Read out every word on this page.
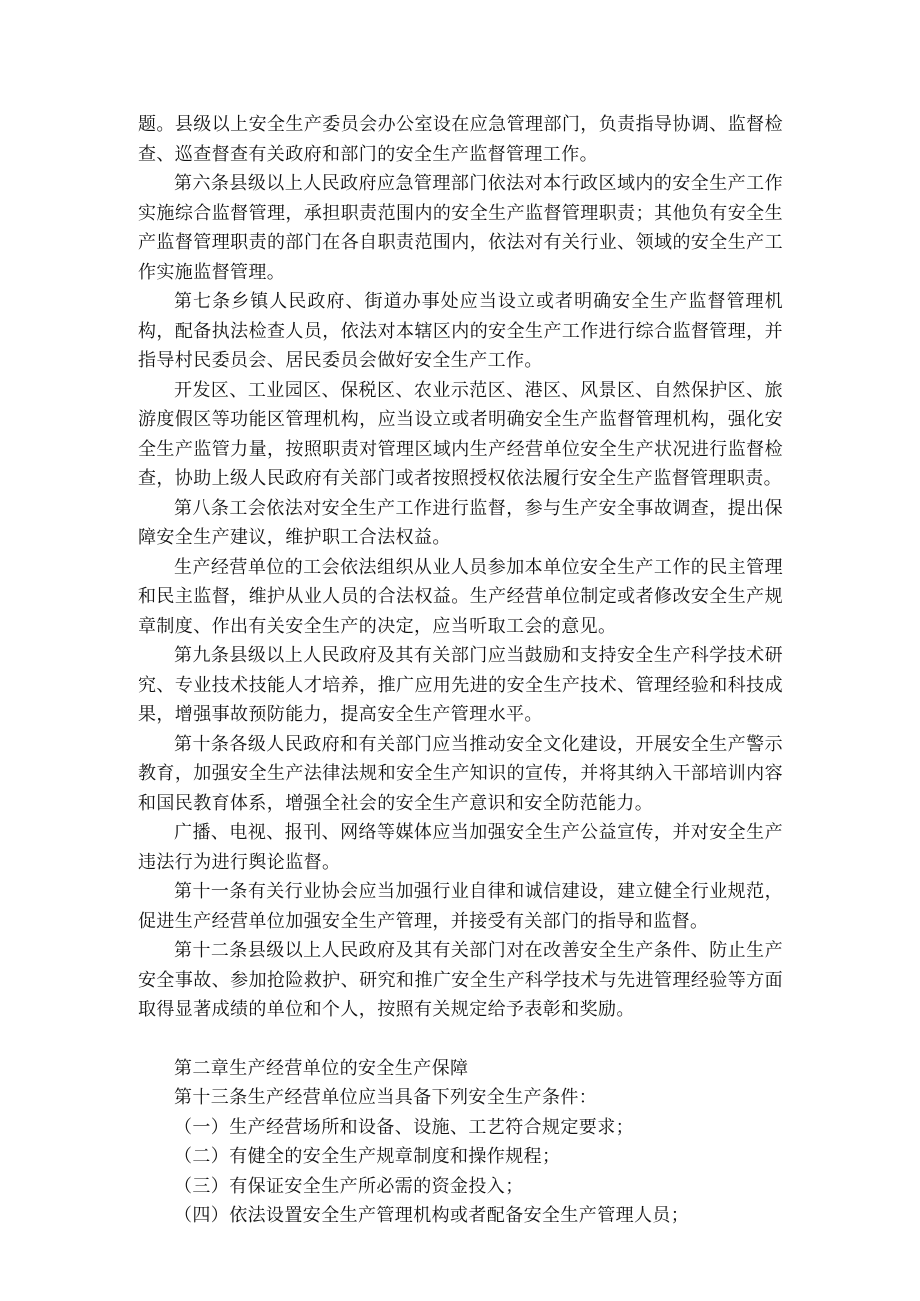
题。县级以上安全生产委员会办公室设在应急管理部门，负责指导协调、监督检查、巡查督查有关政府和部门的安全生产监督管理工作。

第六条县级以上人民政府应急管理部门依法对本行政区域内的安全生产工作实施综合监督管理，承担职责范围内的安全生产监督管理职责；其他负有安全生产监督管理职责的部门在各自职责范围内，依法对有关行业、领域的安全生产工作实施监督管理。

第七条乡镇人民政府、街道办事处应当设立或者明确安全生产监督管理机构，配备执法检查人员，依法对本辖区内的安全生产工作进行综合监督管理，并指导村民委员会、居民委员会做好安全生产工作。

开发区、工业园区、保税区、农业示范区、港区、风景区、自然保护区、旅游度假区等功能区管理机构，应当设立或者明确安全生产监督管理机构，强化安全生产监管力量，按照职责对管理区域内生产经营单位安全生产状况进行监督检查，协助上级人民政府有关部门或者按照授权依法履行安全生产监督管理职责。

第八条工会依法对安全生产工作进行监督，参与生产安全事故调查，提出保障安全生产建议，维护职工合法权益。

生产经营单位的工会依法组织从业人员参加本单位安全生产工作的民主管理和民主监督，维护从业人员的合法权益。生产经营单位制定或者修改安全生产规章制度、作出有关安全生产的决定，应当听取工会的意见。

第九条县级以上人民政府及其有关部门应当鼓励和支持安全生产科学技术研究、专业技术技能人才培养，推广应用先进的安全生产技术、管理经验和科技成果，增强事故预防能力，提高安全生产管理水平。

第十条各级人民政府和有关部门应当推动安全文化建设，开展安全生产警示教育，加强安全生产法律法规和安全生产知识的宣传，并将其纳入干部培训内容和国民教育体系，增强全社会的安全生产意识和安全防范能力。

广播、电视、报刊、网络等媒体应当加强安全生产公益宣传，并对安全生产违法行为进行舆论监督。

第十一条有关行业协会应当加强行业自律和诚信建设，建立健全行业规范，促进生产经营单位加强安全生产管理，并接受有关部门的指导和监督。

第十二条县级以上人民政府及其有关部门对在改善安全生产条件、防止生产安全事故、参加抢险救护、研究和推广安全生产科学技术与先进管理经验等方面取得显著成绩的单位和个人，按照有关规定给予表彰和奖励。

第二章生产经营单位的安全生产保障

第十三条生产经营单位应当具备下列安全生产条件：

（一）生产经营场所和设备、设施、工艺符合规定要求；

（二）有健全的安全生产规章制度和操作规程；

（三）有保证安全生产所必需的资金投入；

（四）依法设置安全生产管理机构或者配备安全生产管理人员；
